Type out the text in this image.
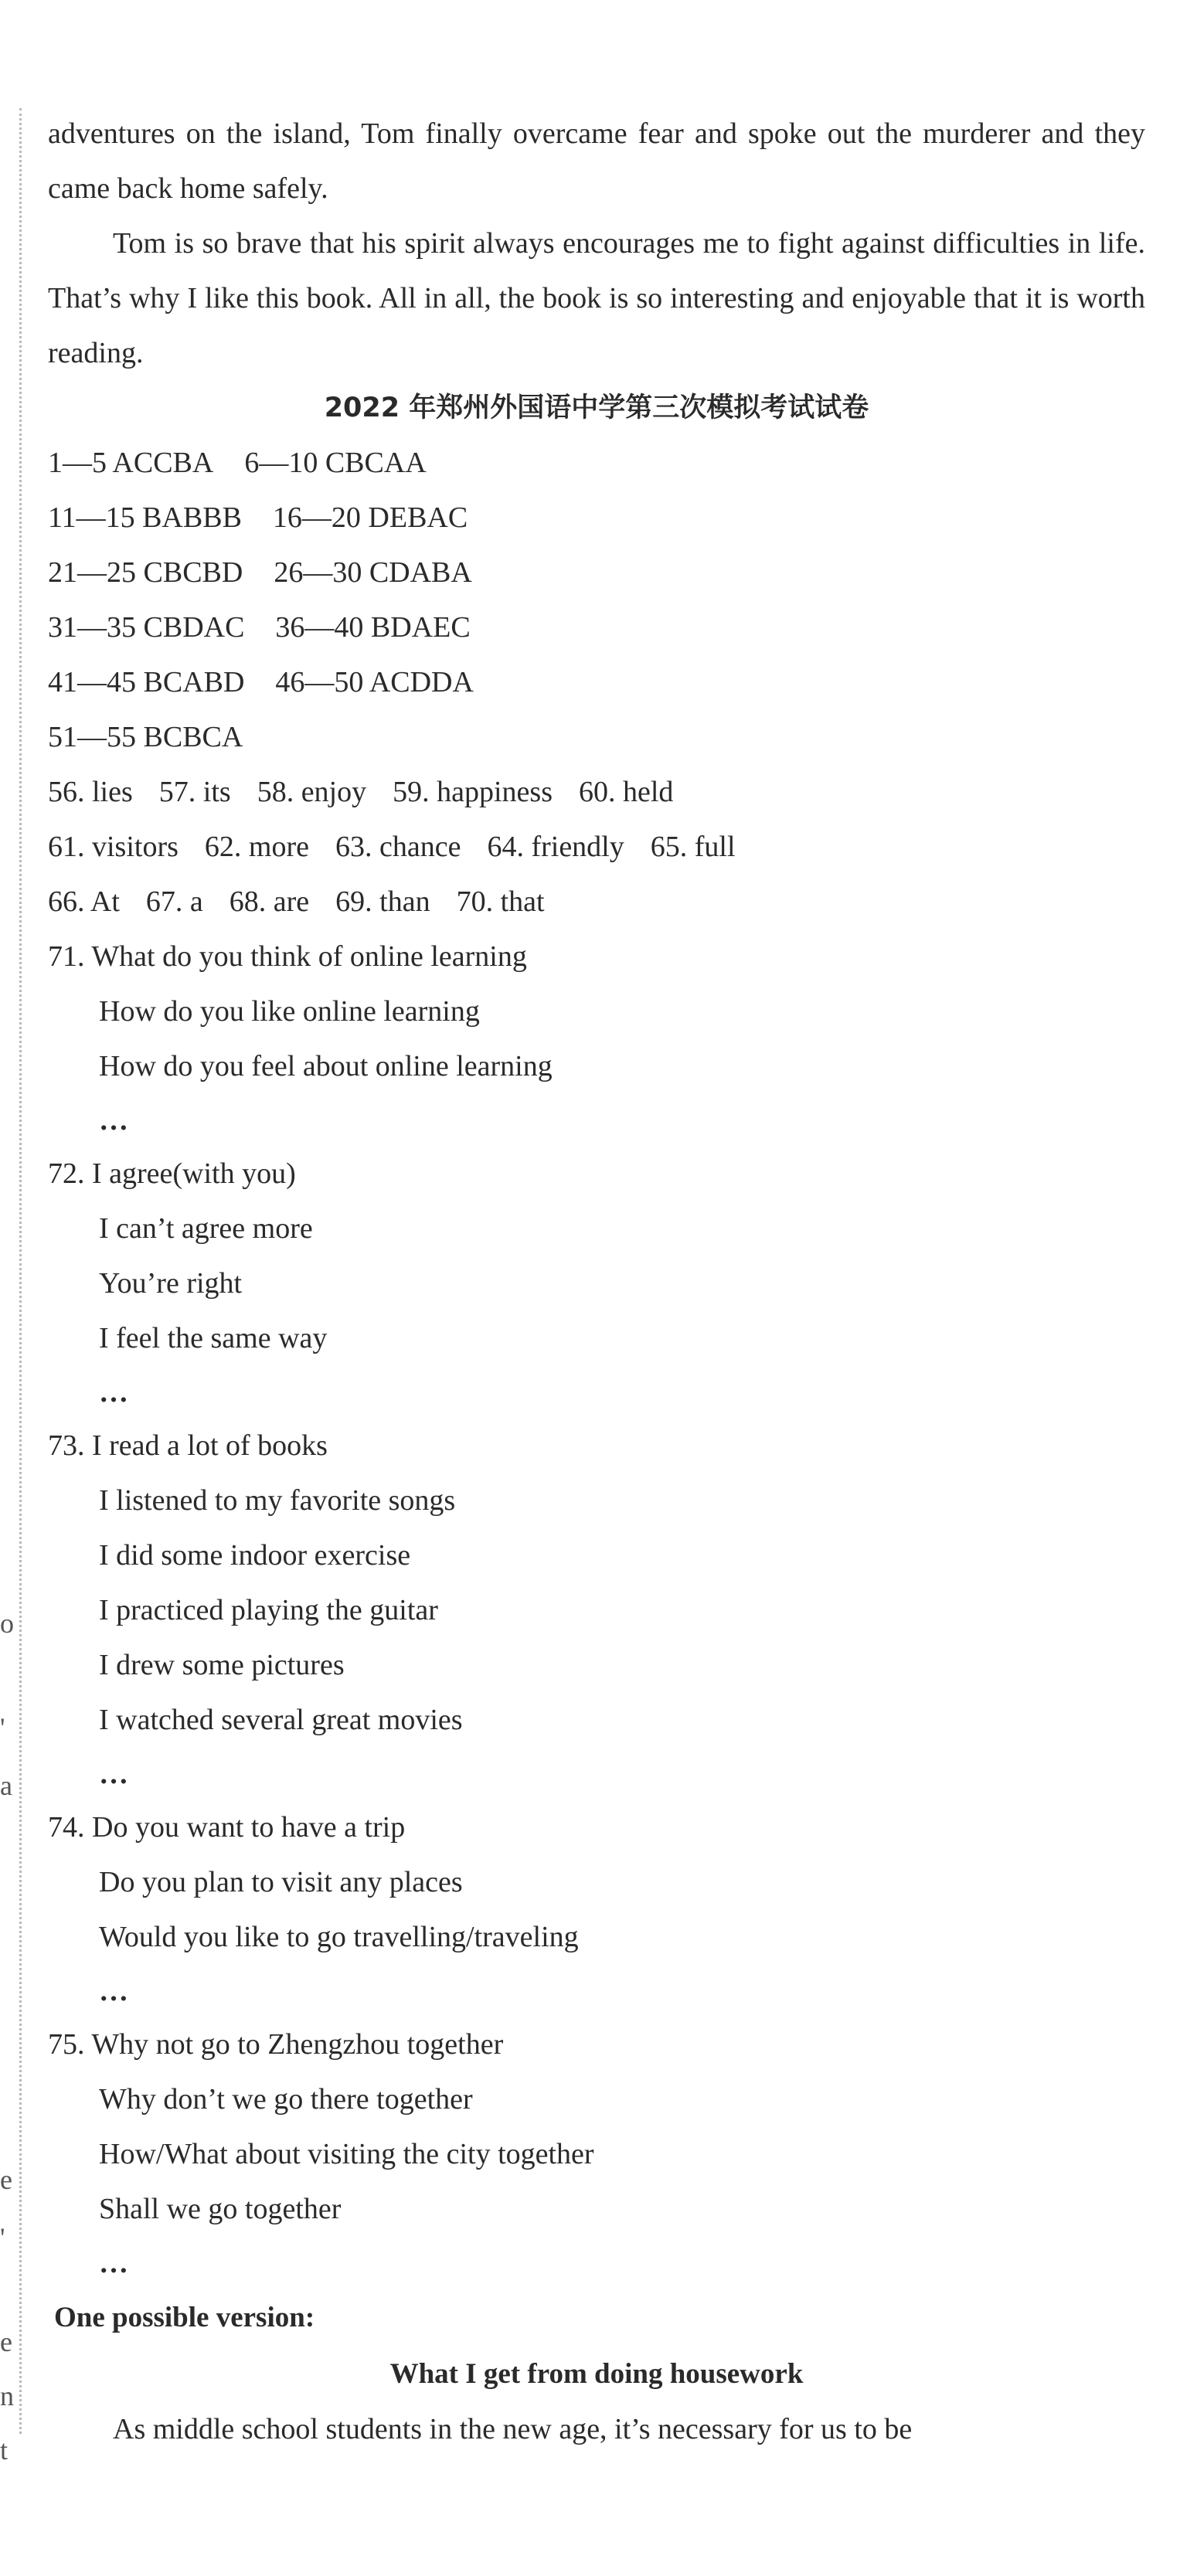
o
'
a
e
'
e
n
t

adventures on the island, Tom finally overcame fear and spoke out the murderer and they came back home safely.

Tom is so brave that his spirit always encourages me to fight against difficulties in life. That’s why I like this book. All in all, the book is so interesting and enjoyable that it is worth reading.

2022 年郑州外国语中学第三次模拟考试试卷

1—5 ACCBA 6—10 CBCAA

11—15 BABBB 16—20 DEBAC

21—25 CBCBD 26—30 CDABA

31—35 CBDAC 36—40 BDAEC

41—45 BCABD 46—50 ACDDA

51—55 BCBCA

56. lies 57. its 58. enjoy 59. happiness 60. held

61. visitors 62. more 63. chance 64. friendly 65. full

66. At 67. a 68. are 69. than 70. that

71. What do you think of online learning

How do you like online learning

How do you feel about online learning

…

72. I agree(with you)

I can’t agree more

You’re right

I feel the same way

…

73. I read a lot of books

I listened to my favorite songs

I did some indoor exercise

I practiced playing the guitar

I drew some pictures

I watched several great movies

…

74. Do you want to have a trip

Do you plan to visit any places

Would you like to go travelling/traveling

…

75. Why not go to Zhengzhou together

Why don’t we go there together

How/What about visiting the city together

Shall we go together

…

One possible version:

What I get from doing housework

As middle school students in the new age, it’s necessary for us to be
